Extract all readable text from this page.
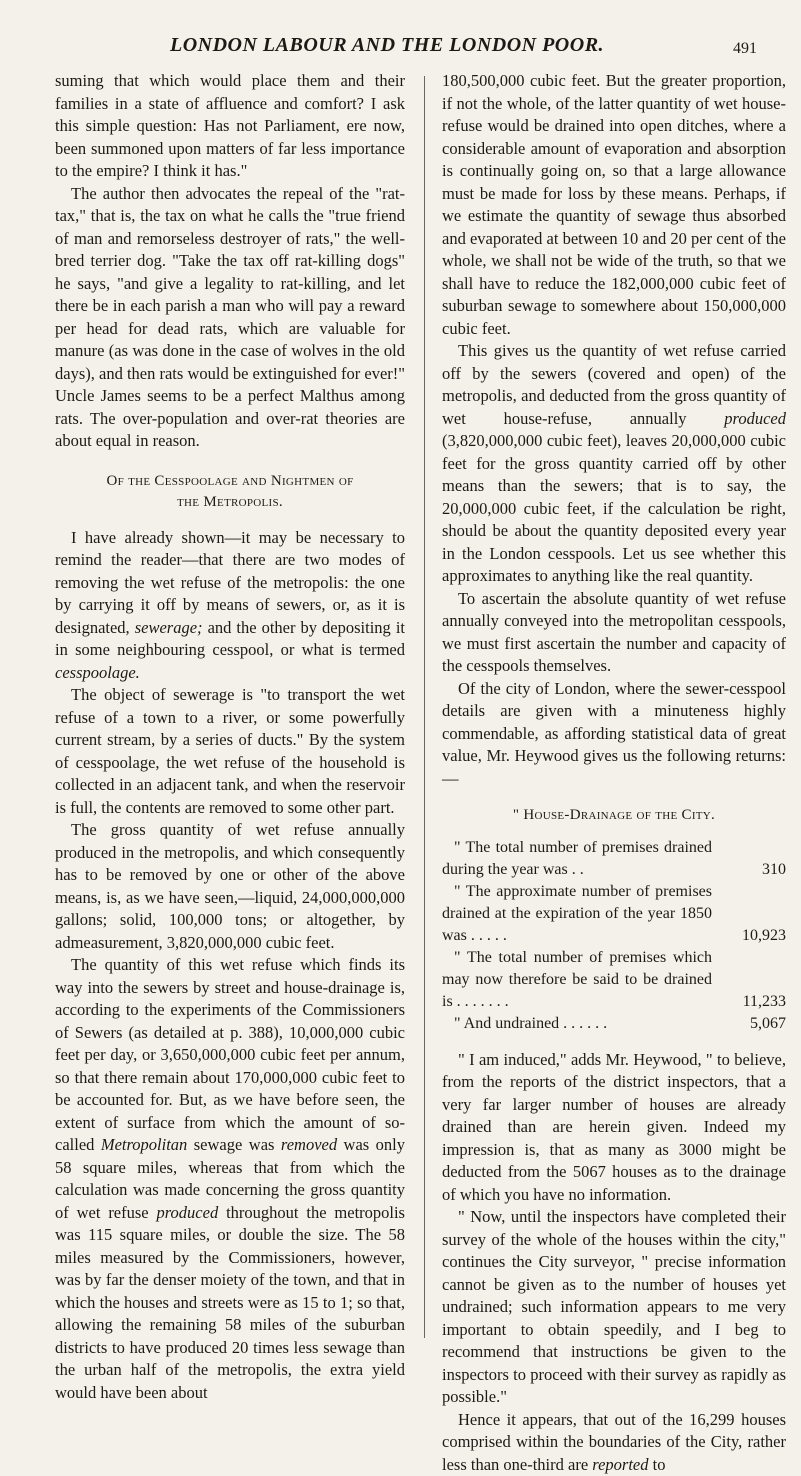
LONDON LABOUR AND THE LONDON POOR.	491

suming that which would place them and their families in a state of affluence and comfort? I ask this simple question: Has not Parliament, ere now, been summoned upon matters of far less importance to the empire? I think it has."

The author then advocates the repeal of the "rat-tax," that is, the tax on what he calls the "true friend of man and remorseless destroyer of rats," the well-bred terrier dog. "Take the tax off rat-killing dogs" he says, "and give a legality to rat-killing, and let there be in each parish a man who will pay a reward per head for dead rats, which are valuable for manure (as was done in the case of wolves in the old days), and then rats would be extinguished for ever!" Uncle James seems to be a perfect Malthus among rats. The over-population and over-rat theories are about equal in reason.

Of the Cesspoolage and Nightmen of
the Metropolis.

I have already shown—it may be necessary to remind the reader—that there are two modes of removing the wet refuse of the metropolis: the one by carrying it off by means of sewers, or, as it is designated, sewerage; and the other by depositing it in some neighbouring cesspool, or what is termed cesspoolage.

The object of sewerage is "to transport the wet refuse of a town to a river, or some powerfully current stream, by a series of ducts." By the system of cesspoolage, the wet refuse of the household is collected in an adjacent tank, and when the reservoir is full, the contents are removed to some other part.

The gross quantity of wet refuse annually produced in the metropolis, and which consequently has to be removed by one or other of the above means, is, as we have seen,—liquid, 24,000,000,000 gallons; solid, 100,000 tons; or altogether, by admeasurement, 3,820,000,000 cubic feet.

The quantity of this wet refuse which finds its way into the sewers by street and house-drainage is, according to the experiments of the Commissioners of Sewers (as detailed at p. 388), 10,000,000 cubic feet per day, or 3,650,000,000 cubic feet per annum, so that there remain about 170,000,000 cubic feet to be accounted for. But, as we have before seen, the extent of surface from which the amount of so-called Metropolitan sewage was removed was only 58 square miles, whereas that from which the calculation was made concerning the gross quantity of wet refuse produced throughout the metropolis was 115 square miles, or double the size. The 58 miles measured by the Commissioners, however, was by far the denser moiety of the town, and that in which the houses and streets were as 15 to 1; so that, allowing the remaining 58 miles of the suburban districts to have produced 20 times less sewage than the urban half of the metropolis, the extra yield would have been about

180,500,000 cubic feet. But the greater proportion, if not the whole, of the latter quantity of wet house-refuse would be drained into open ditches, where a considerable amount of evaporation and absorption is continually going on, so that a large allowance must be made for loss by these means. Perhaps, if we estimate the quantity of sewage thus absorbed and evaporated at between 10 and 20 per cent of the whole, we shall not be wide of the truth, so that we shall have to reduce the 182,000,000 cubic feet of suburban sewage to somewhere about 150,000,000 cubic feet.

This gives us the quantity of wet refuse carried off by the sewers (covered and open) of the metropolis, and deducted from the gross quantity of wet house-refuse, annually produced (3,820,000,000 cubic feet), leaves 20,000,000 cubic feet for the gross quantity carried off by other means than the sewers; that is to say, the 20,000,000 cubic feet, if the calculation be right, should be about the quantity deposited every year in the London cesspools. Let us see whether this approximates to anything like the real quantity.

To ascertain the absolute quantity of wet refuse annually conveyed into the metropolitan cesspools, we must first ascertain the number and capacity of the cesspools themselves.

Of the city of London, where the sewer-cesspool details are given with a minuteness highly commendable, as affording statistical data of great value, Mr. Heywood gives us the following returns:—

" House-Drainage of the City.
" The total number of premises drained during the year was . .	310
" The approximate number of premises drained at the expiration of the year 1850 was . . . . .	10,923
" The total number of premises which may now therefore be said to be drained is . . . . . . .	11,233
" And undrained . . . . . .	5,067

" I am induced," adds Mr. Heywood, " to believe, from the reports of the district inspectors, that a very far larger number of houses are already drained than are herein given. Indeed my impression is, that as many as 3000 might be deducted from the 5067 houses as to the drainage of which you have no information.

" Now, until the inspectors have completed their survey of the whole of the houses within the city," continues the City surveyor, " precise information cannot be given as to the number of houses yet undrained; such information appears to me very important to obtain speedily, and I beg to recommend that instructions be given to the inspectors to proceed with their survey as rapidly as possible."

Hence it appears, that out of the 16,299 houses comprised within the boundaries of the City, rather less than one-third are reported to
